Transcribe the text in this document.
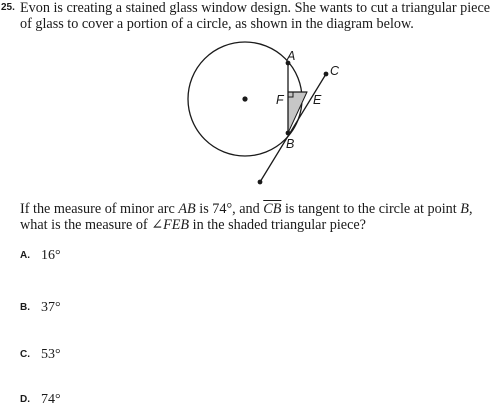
25. Evon is creating a stained glass window design. She wants to cut a triangular piece of glass to cover a portion of a circle, as shown in the diagram below.
A
C
F E
B
If the measure of minor arc AB is 74°, and $\overline{CB}$ is tangent to the circle at point B, what is the measure of ∠FEB in the shaded triangular piece?
A. 16°
B. 37°
C. 53°
D. 74°
